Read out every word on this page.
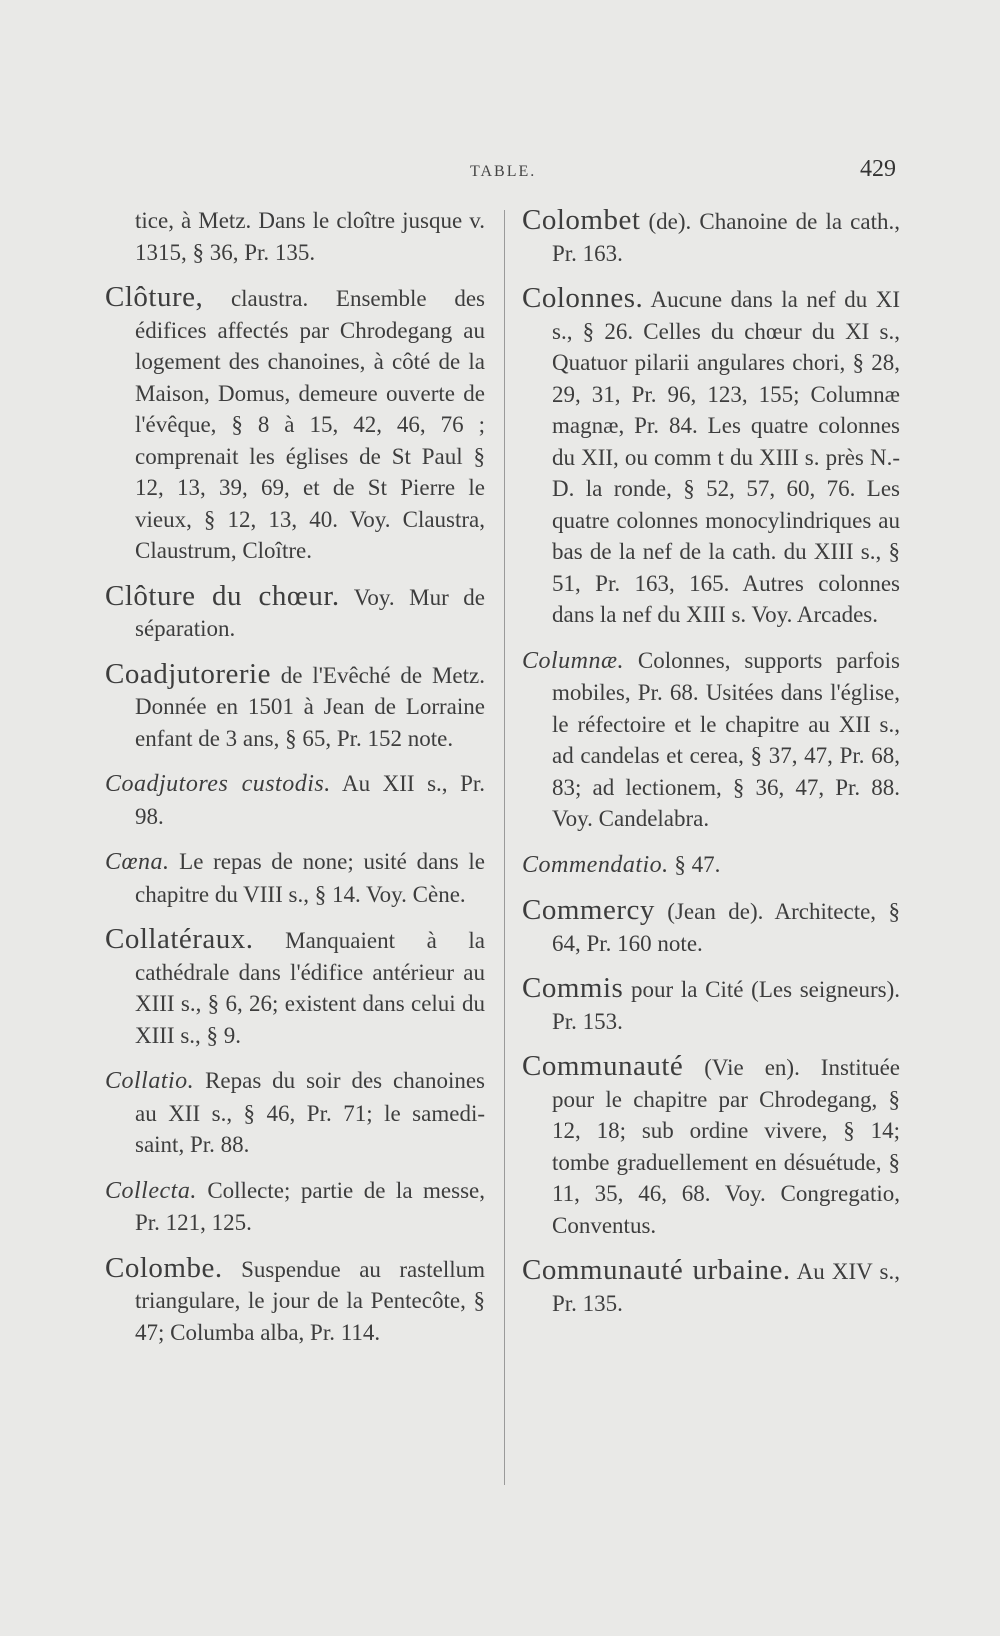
TABLE.	429

tice, à Metz. Dans le cloître jusque v. 1315, § 36, Pr. 135.

Clôture, claustra. Ensemble des édifices affectés par Chrodegang au logement des chanoines, à côté de la Maison, Domus, demeure ouverte de l'évêque, § 8 à 15, 42, 46, 76 ; comprenait les églises de St Paul § 12, 13, 39, 69, et de St Pierre le vieux, § 12, 13, 40. Voy. Claustra, Claustrum, Cloître.

Clôture du chœur. Voy. Mur de séparation.

Coadjutorerie de l'Evêché de Metz. Donnée en 1501 à Jean de Lorraine enfant de 3 ans, § 65, Pr. 152 note.

Coadjutores custodis. Au XII s., Pr. 98.

Cœna. Le repas de none; usité dans le chapitre du VIII s., § 14. Voy. Cène.

Collatéraux. Manquaient à la cathédrale dans l'édifice antérieur au XIII s., § 6, 26; existent dans celui du XIII s., § 9.

Collatio. Repas du soir des chanoines au XII s., § 46, Pr. 71; le samedi-saint, Pr. 88.

Collecta. Collecte; partie de la messe, Pr. 121, 125.

Colombe. Suspendue au rastellum triangulare, le jour de la Pentecôte, § 47; Columba alba, Pr. 114.

Colombet (de). Chanoine de la cath., Pr. 163.

Colonnes. Aucune dans la nef du XI s., § 26. Celles du chœur du XI s., Quatuor pilarii angulares chori, § 28, 29, 31, Pr. 96, 123, 155; Columnæ magnæ, Pr. 84. Les quatre colonnes du XII, ou comm t du XIII s. près N.-D. la ronde, § 52, 57, 60, 76. Les quatre colonnes monocylindriques au bas de la nef de la cath. du XIII s., § 51, Pr. 163, 165. Autres colonnes dans la nef du XIII s. Voy. Arcades.

Columnæ. Colonnes, supports parfois mobiles, Pr. 68. Usitées dans l'église, le réfectoire et le chapitre au XII s., ad candelas et cerea, § 37, 47, Pr. 68, 83; ad lectionem, § 36, 47, Pr. 88. Voy. Candelabra.

Commendatio. § 47.

Commercy (Jean de). Architecte, § 64, Pr. 160 note.

Commis pour la Cité (Les seigneurs). Pr. 153.

Communauté (Vie en). Instituée pour le chapitre par Chrodegang, § 12, 18; sub ordine vivere, § 14; tombe graduellement en désuétude, § 11, 35, 46, 68. Voy. Congregatio, Conventus.

Communauté urbaine. Au XIV s., Pr. 135.
